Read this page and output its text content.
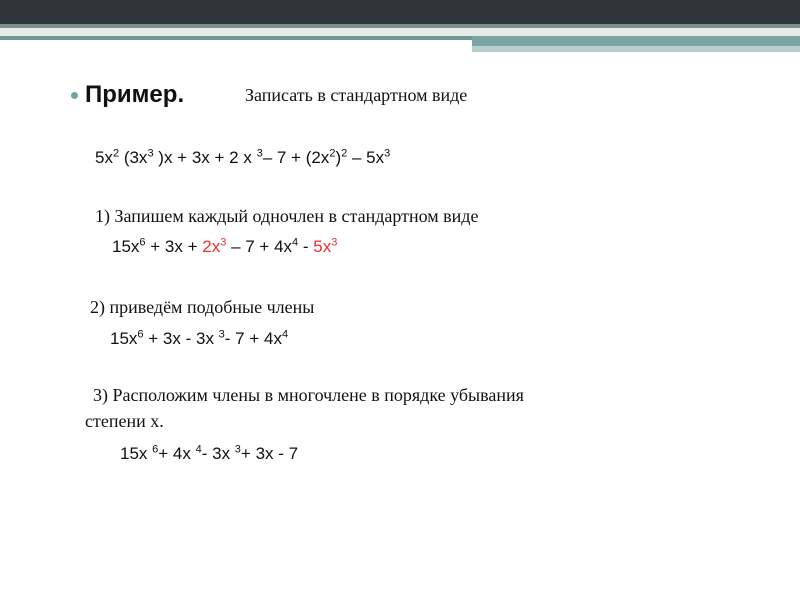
Пример.	Записать в стандартном виде
$5x^2$ ($3x^3$ )x + 3x + 2 x $^3$– $7 + (2x^2)^2 - 5x^3$
1) Запишем каждый одночлен в стандартном виде
$15x^6 + 3x + 2x^3 - 7 + 4x^4 - 5x^3$
2) приведём подобные члены
$15x^6 + 3x - 3x$ $^3$- $7 + 4x^4$
3) Расположим члены в многочлене в порядке убывания
степени х.
15x $^6$+ 4x $^4$- 3x $^3$+ 3x - 7
